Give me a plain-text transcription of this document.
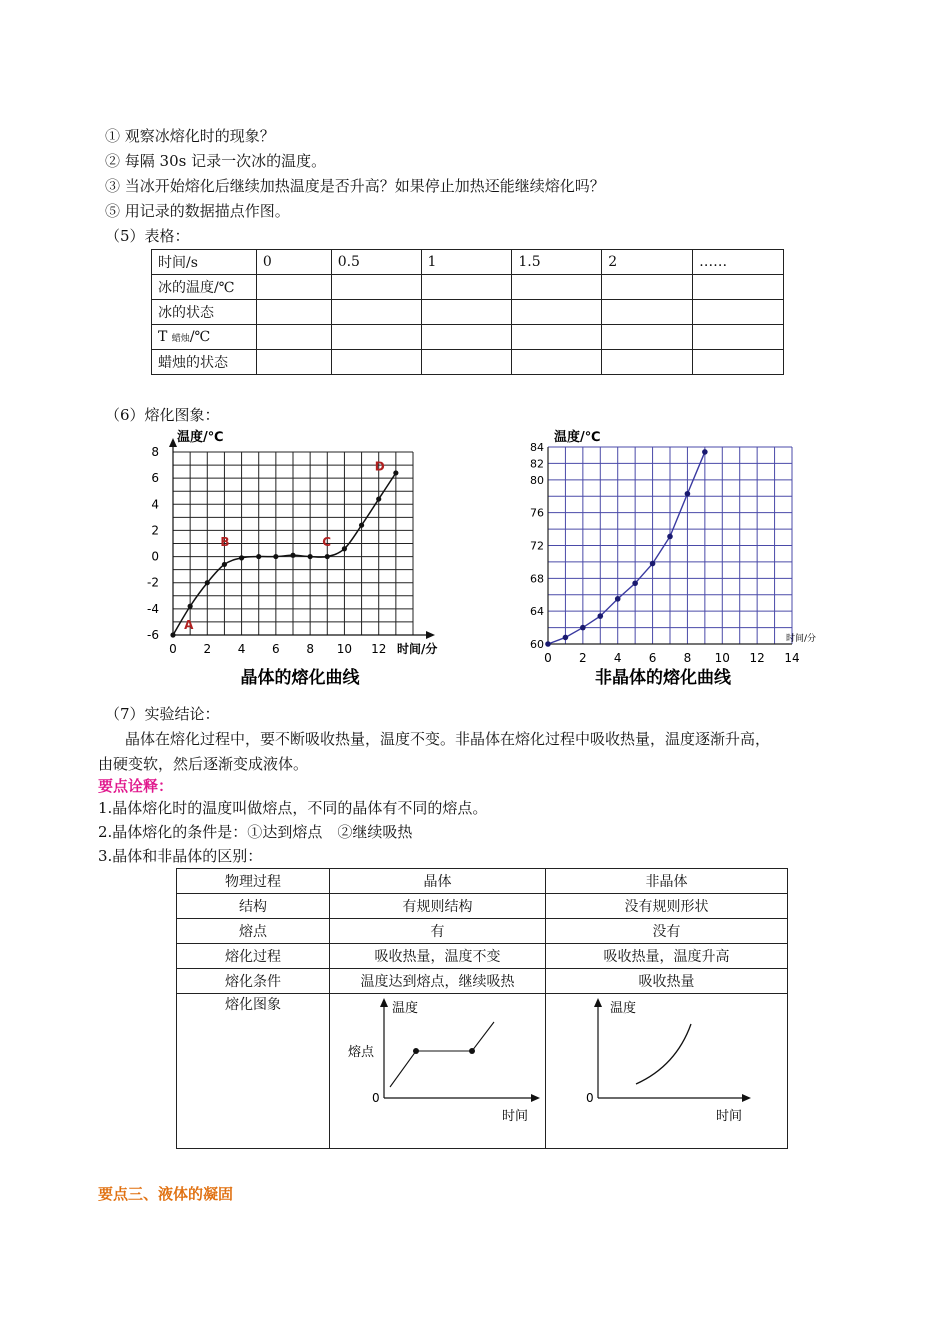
① 观察冰熔化时的现象？
② 每隔 30s 记录一次冰的温度。
③ 当冰开始熔化后继续加热温度是否升高？如果停止加热还能继续熔化吗？
⑤ 用记录的数据描点作图。
（5）表格：
时间/s	0	0.5	1	1.5	2	……
冰的温度/℃						
冰的状态						
T 蜡烛/℃						
蜡烛的状态						
（6）熔化图象：
0 2 4 6 8 10 12
-6
-4
-2
0
2
4
6
8
温度/℃
时间/分
A
B	C
D
晶体的熔化曲线
0 2 4 6 8 10 12 14
60
64
68
72
76
80
82
84
温度/℃
时间/分
非晶体的熔化曲线
（7）实验结论：
晶体在熔化过程中，要不断吸收热量，温度不变。非晶体在熔化过程中吸收热量，温度逐渐升高，
由硬变软，然后逐渐变成液体。
要点诠释：
1.晶体熔化时的温度叫做熔点，不同的晶体有不同的熔点。
2.晶体熔化的条件是：①达到熔点　②继续吸热
3.晶体和非晶体的区别：
物理过程	晶体	非晶体
结构	有规则结构	没有规则形状
熔点	有	没有
熔化过程	吸收热量，温度不变	吸收热量，温度升高
熔化条件	温度达到熔点，继续吸热	吸收热量
熔化图象	温度
熔点
0
时间	温度
0
时间
要点三、液体的凝固
